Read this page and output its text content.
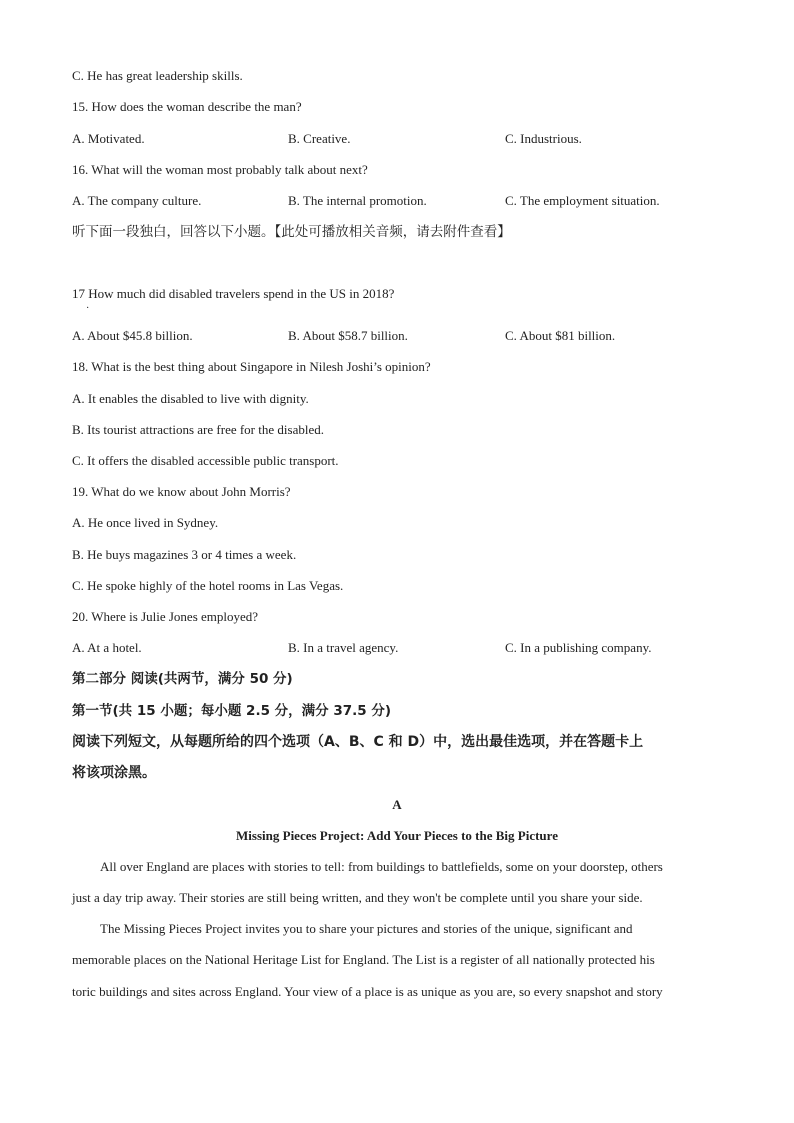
C. He has great leadership skills.
15. How does the woman describe the man?
A. Motivated.	B. Creative.	C. Industrious.
16. What will the woman most probably talk about next?
A. The company culture.	B. The internal promotion.	C. The employment situation.
听下面一段独白，回答以下小题。【此处可播放相关音频，请去附件查看】
17 How much did disabled travelers spend in the US in 2018?
·
A. About $45.8 billion.	B. About $58.7 billion.	C. About $81 billion.
18. What is the best thing about Singapore in Nilesh Joshi’s opinion?
A. It enables the disabled to live with dignity.
B. Its tourist attractions are free for the disabled.
C. It offers the disabled accessible public transport.
19. What do we know about John Morris?
A. He once lived in Sydney.
B. He buys magazines 3 or 4 times a week.
C. He spoke highly of the hotel rooms in Las Vegas.
20. Where is Julie Jones employed?
A. At a hotel.	B. In a travel agency.	C. In a publishing company.
第二部分 阅读(共两节，满分 50 分)
第一节(共 15 小题；每小题 2.5 分，满分 37.5 分)
阅读下列短文，从每题所给的四个选项（A、B、C 和 D）中，选出最佳选项，并在答题卡上
将该项涂黑。
A
Missing Pieces Project: Add Your Pieces to the Big Picture
All over England are places with stories to tell: from buildings to battlefields, some on your doorstep, others
just a day trip away. Their stories are still being written, and they won't be complete until you share your side.
The Missing Pieces Project invites you to share your pictures and stories of the unique, significant and
memorable places on the National Heritage List for England. The List is a register of all nationally protected his
toric buildings and sites across England. Your view of a place is as unique as you are, so every snapshot and story
